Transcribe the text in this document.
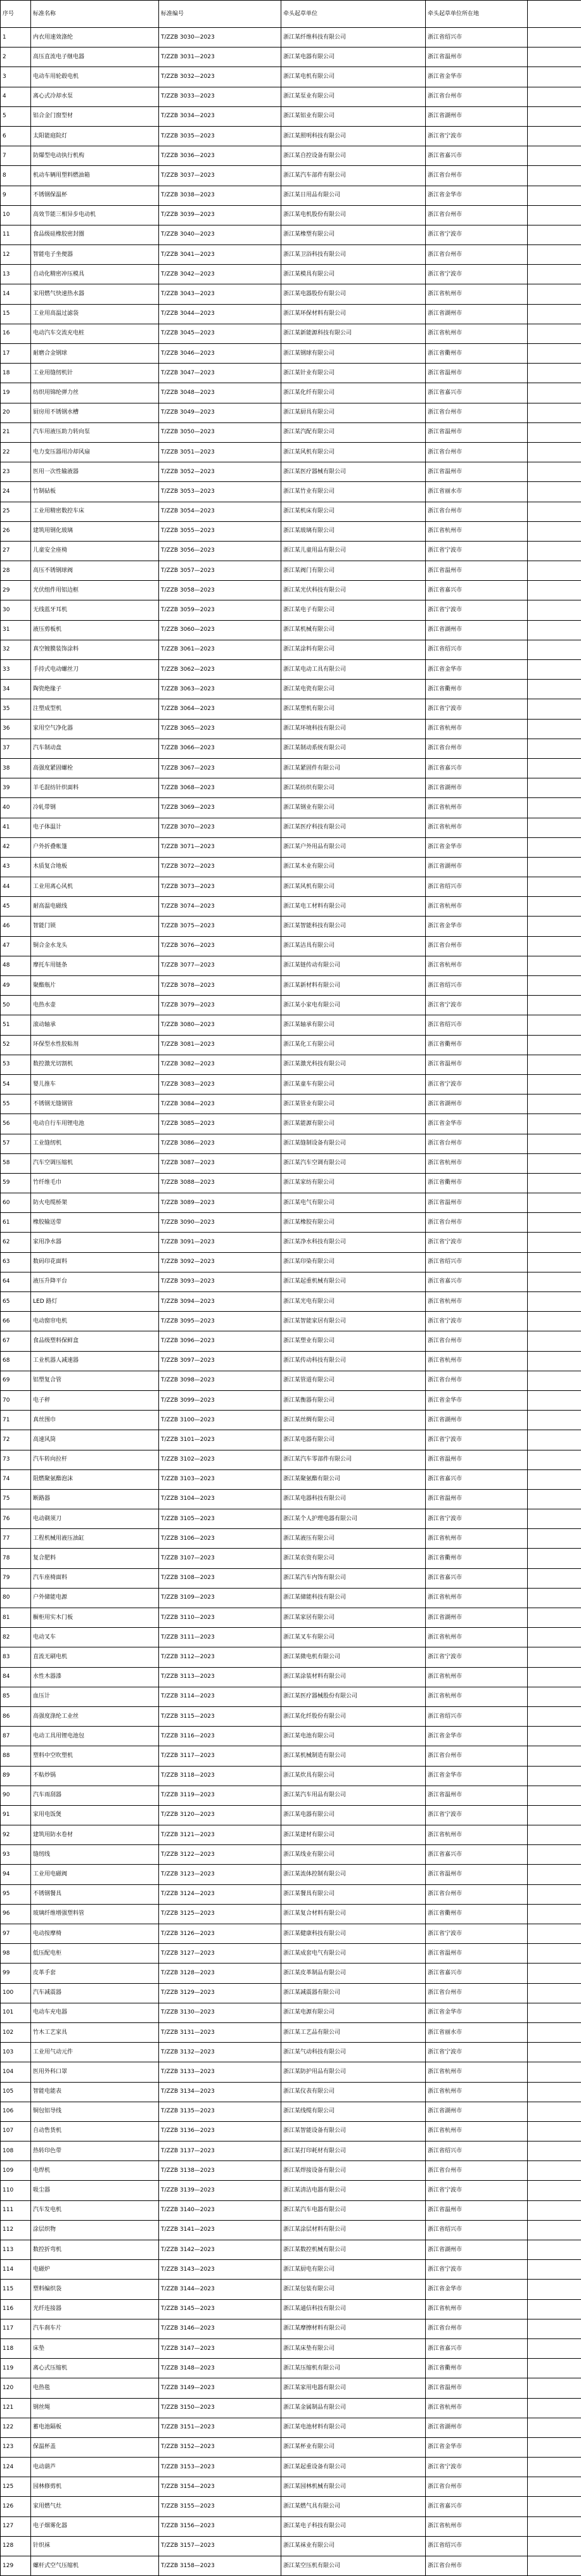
序号	标准名称	标准编号	牵头起草单位	牵头起草单位所在地	
1	内衣用速效涤纶	T/ZZB 3030—2023	浙江某纤维科技有限公司	浙江省绍兴市	
2	高压直流电子继电器	T/ZZB 3031—2023	浙江某电器有限公司	浙江省温州市	
3	电动车用轮毂电机	T/ZZB 3032—2023	浙江某电机有限公司	浙江省金华市	
4	离心式冷却水泵	T/ZZB 3033—2023	浙江某泵业有限公司	浙江省台州市	
5	铝合金门窗型材	T/ZZB 3034—2023	浙江某铝业有限公司	浙江省湖州市	
6	太阳能庭院灯	T/ZZB 3035—2023	浙江某照明科技有限公司	浙江省宁波市	
7	防爆型电动执行机构	T/ZZB 3036—2023	浙江某自控设备有限公司	浙江省嘉兴市	
8	机动车辆用塑料燃油箱	T/ZZB 3037—2023	浙江某汽车部件有限公司	浙江省台州市	
9	不锈钢保温杯	T/ZZB 3038—2023	浙江某日用品有限公司	浙江省金华市	
10	高效节能三相异步电动机	T/ZZB 3039—2023	浙江某电机股份有限公司	浙江省台州市	
11	食品级硅橡胶密封圈	T/ZZB 3040—2023	浙江某橡塑有限公司	浙江省宁波市	
12	智能电子坐便器	T/ZZB 3041—2023	浙江某卫浴科技有限公司	浙江省台州市	
13	自动化精密冲压模具	T/ZZB 3042—2023	浙江某模具有限公司	浙江省宁波市	
14	家用燃气快速热水器	T/ZZB 3043—2023	浙江某电器股份有限公司	浙江省杭州市	
15	工业用高温过滤袋	T/ZZB 3044—2023	浙江某环保材料有限公司	浙江省湖州市	
16	电动汽车交流充电桩	T/ZZB 3045—2023	浙江某新能源科技有限公司	浙江省杭州市	
17	耐磨合金钢球	T/ZZB 3046—2023	浙江某钢球有限公司	浙江省衢州市	
18	工业用缝纫机针	T/ZZB 3047—2023	浙江某针业有限公司	浙江省温州市	
19	纺织用锦纶弹力丝	T/ZZB 3048—2023	浙江某化纤有限公司	浙江省嘉兴市	
20	厨房用不锈钢水槽	T/ZZB 3049—2023	浙江某厨具有限公司	浙江省台州市	
21	汽车用液压助力转向泵	T/ZZB 3050—2023	浙江某汽配有限公司	浙江省温州市	
22	电力变压器用冷却风扇	T/ZZB 3051—2023	浙江某风机有限公司	浙江省台州市	
23	医用一次性输液器	T/ZZB 3052—2023	浙江某医疗器械有限公司	浙江省温州市	
24	竹制砧板	T/ZZB 3053—2023	浙江某竹业有限公司	浙江省丽水市	
25	工业用精密数控车床	T/ZZB 3054—2023	浙江某机床有限公司	浙江省台州市	
26	建筑用钢化玻璃	T/ZZB 3055—2023	浙江某玻璃有限公司	浙江省杭州市	
27	儿童安全座椅	T/ZZB 3056—2023	浙江某儿童用品有限公司	浙江省宁波市	
28	高压不锈钢球阀	T/ZZB 3057—2023	浙江某阀门有限公司	浙江省温州市	
29	光伏组件用铝边框	T/ZZB 3058—2023	浙江某光伏科技有限公司	浙江省嘉兴市	
30	无线蓝牙耳机	T/ZZB 3059—2023	浙江某电子有限公司	浙江省宁波市	
31	液压剪板机	T/ZZB 3060—2023	浙江某机械有限公司	浙江省湖州市	
32	真空镀膜装饰涂料	T/ZZB 3061—2023	浙江某涂料有限公司	浙江省绍兴市	
33	手持式电动螺丝刀	T/ZZB 3062—2023	浙江某电动工具有限公司	浙江省金华市	
34	陶瓷绝缘子	T/ZZB 3063—2023	浙江某电瓷有限公司	浙江省衢州市	
35	注塑成型机	T/ZZB 3064—2023	浙江某塑机有限公司	浙江省宁波市	
36	家用空气净化器	T/ZZB 3065—2023	浙江某环境科技有限公司	浙江省杭州市	
37	汽车制动盘	T/ZZB 3066—2023	浙江某制动系统有限公司	浙江省台州市	
38	高强度紧固螺栓	T/ZZB 3067—2023	浙江某紧固件有限公司	浙江省嘉兴市	
39	羊毛混纺针织面料	T/ZZB 3068—2023	浙江某纺织有限公司	浙江省湖州市	
40	冷轧带钢	T/ZZB 3069—2023	浙江某钢业有限公司	浙江省杭州市	
41	电子体温计	T/ZZB 3070—2023	浙江某医疗科技有限公司	浙江省杭州市	
42	户外折叠帐篷	T/ZZB 3071—2023	浙江某户外用品有限公司	浙江省金华市	
43	木质复合地板	T/ZZB 3072—2023	浙江某木业有限公司	浙江省湖州市	
44	工业用离心风机	T/ZZB 3073—2023	浙江某风机有限公司	浙江省绍兴市	
45	耐高温电磁线	T/ZZB 3074—2023	浙江某电工材料有限公司	浙江省杭州市	
46	智能门锁	T/ZZB 3075—2023	浙江某智能科技有限公司	浙江省金华市	
47	铜合金水龙头	T/ZZB 3076—2023	浙江某洁具有限公司	浙江省台州市	
48	摩托车用链条	T/ZZB 3077—2023	浙江某链传动有限公司	浙江省杭州市	
49	聚酯瓶片	T/ZZB 3078—2023	浙江某新材料有限公司	浙江省绍兴市	
50	电热水壶	T/ZZB 3079—2023	浙江某小家电有限公司	浙江省宁波市	
51	滚动轴承	T/ZZB 3080—2023	浙江某轴承有限公司	浙江省绍兴市	
52	环保型水性胶粘剂	T/ZZB 3081—2023	浙江某化工有限公司	浙江省衢州市	
53	数控激光切割机	T/ZZB 3082—2023	浙江某激光科技有限公司	浙江省温州市	
54	婴儿推车	T/ZZB 3083—2023	浙江某童车有限公司	浙江省宁波市	
55	不锈钢无缝钢管	T/ZZB 3084—2023	浙江某管业有限公司	浙江省湖州市	
56	电动自行车用锂电池	T/ZZB 3085—2023	浙江某能源有限公司	浙江省金华市	
57	工业缝纫机	T/ZZB 3086—2023	浙江某缝制设备有限公司	浙江省台州市	
58	汽车空调压缩机	T/ZZB 3087—2023	浙江某汽车空调有限公司	浙江省杭州市	
59	竹纤维毛巾	T/ZZB 3088—2023	浙江某家纺有限公司	浙江省衢州市	
60	防火电缆桥架	T/ZZB 3089—2023	浙江某电气有限公司	浙江省温州市	
61	橡胶输送带	T/ZZB 3090—2023	浙江某橡胶有限公司	浙江省台州市	
62	家用净水器	T/ZZB 3091—2023	浙江某净水科技有限公司	浙江省宁波市	
63	数码印花面料	T/ZZB 3092—2023	浙江某印染有限公司	浙江省绍兴市	
64	液压升降平台	T/ZZB 3093—2023	浙江某起重机械有限公司	浙江省嘉兴市	
65	LED 路灯	T/ZZB 3094—2023	浙江某光电有限公司	浙江省杭州市	
66	电动窗帘电机	T/ZZB 3095—2023	浙江某智能家居有限公司	浙江省宁波市	
67	食品级塑料保鲜盒	T/ZZB 3096—2023	浙江某塑业有限公司	浙江省台州市	
68	工业机器人减速器	T/ZZB 3097—2023	浙江某传动科技有限公司	浙江省杭州市	
69	铝塑复合管	T/ZZB 3098—2023	浙江某管道有限公司	浙江省台州市	
70	电子秤	T/ZZB 3099—2023	浙江某衡器有限公司	浙江省金华市	
71	真丝围巾	T/ZZB 3100—2023	浙江某丝绸有限公司	浙江省湖州市	
72	高速风筒	T/ZZB 3101—2023	浙江某电器有限公司	浙江省宁波市	
73	汽车转向拉杆	T/ZZB 3102—2023	浙江某汽车零部件有限公司	浙江省温州市	
74	阻燃聚氨酯泡沫	T/ZZB 3103—2023	浙江某聚氨酯有限公司	浙江省嘉兴市	
75	断路器	T/ZZB 3104—2023	浙江某电器科技有限公司	浙江省温州市	
76	电动剃须刀	T/ZZB 3105—2023	浙江某个人护理电器有限公司	浙江省宁波市	
77	工程机械用液压油缸	T/ZZB 3106—2023	浙江某液压有限公司	浙江省杭州市	
78	复合肥料	T/ZZB 3107—2023	浙江某农资有限公司	浙江省衢州市	
79	汽车座椅面料	T/ZZB 3108—2023	浙江某汽车内饰有限公司	浙江省嘉兴市	
80	户外储能电源	T/ZZB 3109—2023	浙江某储能科技有限公司	浙江省杭州市	
81	橱柜用实木门板	T/ZZB 3110—2023	浙江某家居有限公司	浙江省湖州市	
82	电动叉车	T/ZZB 3111—2023	浙江某叉车有限公司	浙江省杭州市	
83	直流无刷电机	T/ZZB 3112—2023	浙江某微电机有限公司	浙江省宁波市	
84	水性木器漆	T/ZZB 3113—2023	浙江某涂装材料有限公司	浙江省杭州市	
85	血压计	T/ZZB 3114—2023	浙江某医疗器械股份有限公司	浙江省杭州市	
86	高强度涤纶工业丝	T/ZZB 3115—2023	浙江某化纤股份有限公司	浙江省绍兴市	
87	电动工具用锂电池包	T/ZZB 3116—2023	浙江某电池有限公司	浙江省金华市	
88	塑料中空吹塑机	T/ZZB 3117—2023	浙江某机械制造有限公司	浙江省台州市	
89	不粘炒锅	T/ZZB 3118—2023	浙江某炊具有限公司	浙江省金华市	
90	汽车雨刮器	T/ZZB 3119—2023	浙江某汽车用品有限公司	浙江省温州市	
91	家用电饭煲	T/ZZB 3120—2023	浙江某电器有限公司	浙江省宁波市	
92	建筑用防水卷材	T/ZZB 3121—2023	浙江某建材有限公司	浙江省杭州市	
93	缝纫线	T/ZZB 3122—2023	浙江某线业有限公司	浙江省嘉兴市	
94	工业用电磁阀	T/ZZB 3123—2023	浙江某流体控制有限公司	浙江省温州市	
95	不锈钢餐具	T/ZZB 3124—2023	浙江某餐具有限公司	浙江省台州市	
96	玻璃纤维增强塑料管	T/ZZB 3125—2023	浙江某复合材料有限公司	浙江省衢州市	
97	电动按摩椅	T/ZZB 3126—2023	浙江某健康科技有限公司	浙江省宁波市	
98	低压配电柜	T/ZZB 3127—2023	浙江某成套电气有限公司	浙江省温州市	
99	皮革手套	T/ZZB 3128—2023	浙江某皮革制品有限公司	浙江省嘉兴市	
100	汽车减震器	T/ZZB 3129—2023	浙江某减震器有限公司	浙江省台州市	
101	电动车充电器	T/ZZB 3130—2023	浙江某电源有限公司	浙江省金华市	
102	竹木工艺家具	T/ZZB 3131—2023	浙江某工艺品有限公司	浙江省丽水市	
103	工业用气动元件	T/ZZB 3132—2023	浙江某气动科技有限公司	浙江省宁波市	
104	医用外科口罩	T/ZZB 3133—2023	浙江某防护用品有限公司	浙江省杭州市	
105	智能电能表	T/ZZB 3134—2023	浙江某仪表有限公司	浙江省杭州市	
106	铜包铝导线	T/ZZB 3135—2023	浙江某线缆有限公司	浙江省湖州市	
107	自动售货机	T/ZZB 3136—2023	浙江某智能设备有限公司	浙江省杭州市	
108	热转印色带	T/ZZB 3137—2023	浙江某打印耗材有限公司	浙江省绍兴市	
109	电焊机	T/ZZB 3138—2023	浙江某焊接设备有限公司	浙江省台州市	
110	吸尘器	T/ZZB 3139—2023	浙江某清洁电器有限公司	浙江省宁波市	
111	汽车发电机	T/ZZB 3140—2023	浙江某汽车电器有限公司	浙江省温州市	
112	涂层织物	T/ZZB 3141—2023	浙江某涂层材料有限公司	浙江省绍兴市	
113	数控折弯机	T/ZZB 3142—2023	浙江某数控机械有限公司	浙江省湖州市	
114	电磁炉	T/ZZB 3143—2023	浙江某厨电有限公司	浙江省宁波市	
115	塑料编织袋	T/ZZB 3144—2023	浙江某包装有限公司	浙江省金华市	
116	光纤连接器	T/ZZB 3145—2023	浙江某通信科技有限公司	浙江省杭州市	
117	汽车刹车片	T/ZZB 3146—2023	浙江某摩擦材料有限公司	浙江省台州市	
118	床垫	T/ZZB 3147—2023	浙江某床垫有限公司	浙江省嘉兴市	
119	离心式压缩机	T/ZZB 3148—2023	浙江某压缩机有限公司	浙江省衢州市	
120	电热毯	T/ZZB 3149—2023	浙江某家用电器有限公司	浙江省温州市	
121	钢丝绳	T/ZZB 3150—2023	浙江某金属制品有限公司	浙江省杭州市	
122	蓄电池隔板	T/ZZB 3151—2023	浙江某电池材料有限公司	浙江省湖州市	
123	保温杯盖	T/ZZB 3152—2023	浙江某杯业有限公司	浙江省金华市	
124	电动葫芦	T/ZZB 3153—2023	浙江某起重设备有限公司	浙江省宁波市	
125	园林修剪机	T/ZZB 3154—2023	浙江某园林机械有限公司	浙江省台州市	
126	家用燃气灶	T/ZZB 3155—2023	浙江某燃气具有限公司	浙江省嘉兴市	
127	电子烟雾化器	T/ZZB 3156—2023	浙江某电子科技有限公司	浙江省杭州市	
128	针织袜	T/ZZB 3157—2023	浙江某袜业有限公司	浙江省绍兴市	
129	螺杆式空气压缩机	T/ZZB 3158—2023	浙江某空压机有限公司	浙江省台州市	
